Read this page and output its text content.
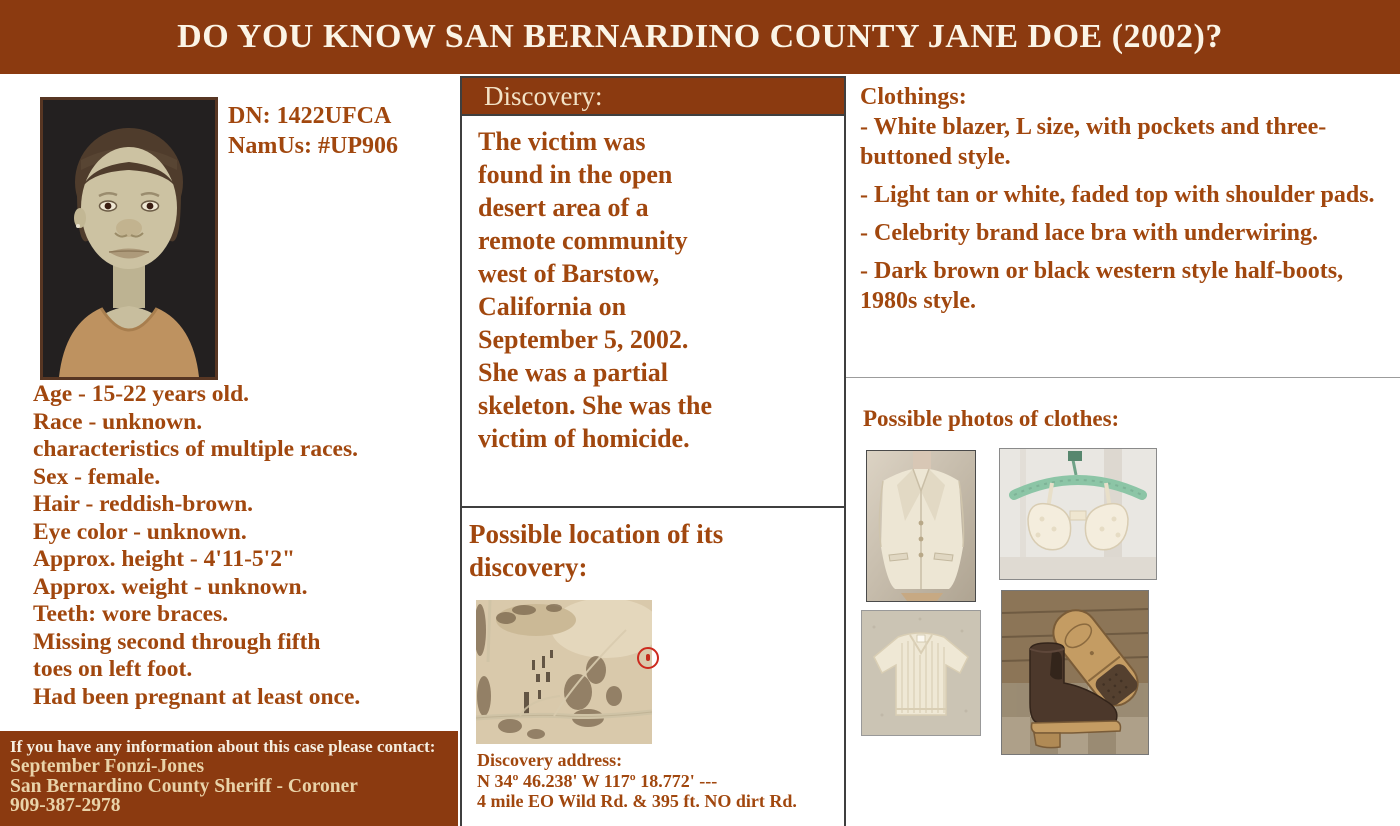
DO YOU KNOW SAN BERNARDINO COUNTY JANE DOE (2002)?
DN: 1422UFCA
NamUs: #UP906
Age - 15-22 years old.
Race - unknown.
characteristics of multiple races.
Sex - female.
Hair - reddish-brown.
Eye color - unknown.
Approx. height - 4'11-5'2"
Approx. weight - unknown.
Teeth: wore braces.
Missing second through fifth
toes on left foot.
Had been pregnant at least once.
If you have any information about this case please contact:
September Fonzi-Jones
San Bernardino County Sheriff - Coroner
909-387-2978
Discovery:
The victim was found in the open desert area of a remote community west of Barstow, California on September 5, 2002. She was a partial skeleton. She was the victim of homicide.
Possible location of its discovery:
Discovery address:
N 34º 46.238' W 117º 18.772' ---
4 mile EO Wild Rd. & 395 ft. NO dirt Rd.

Clothings:

- White blazer, L size, with pockets and three-buttoned style.

- Light tan or white, faded top with shoulder pads.

- Celebrity brand lace bra with underwiring.

- Dark brown or black western style half-boots, 1980s style.

Possible photos of clothes:
